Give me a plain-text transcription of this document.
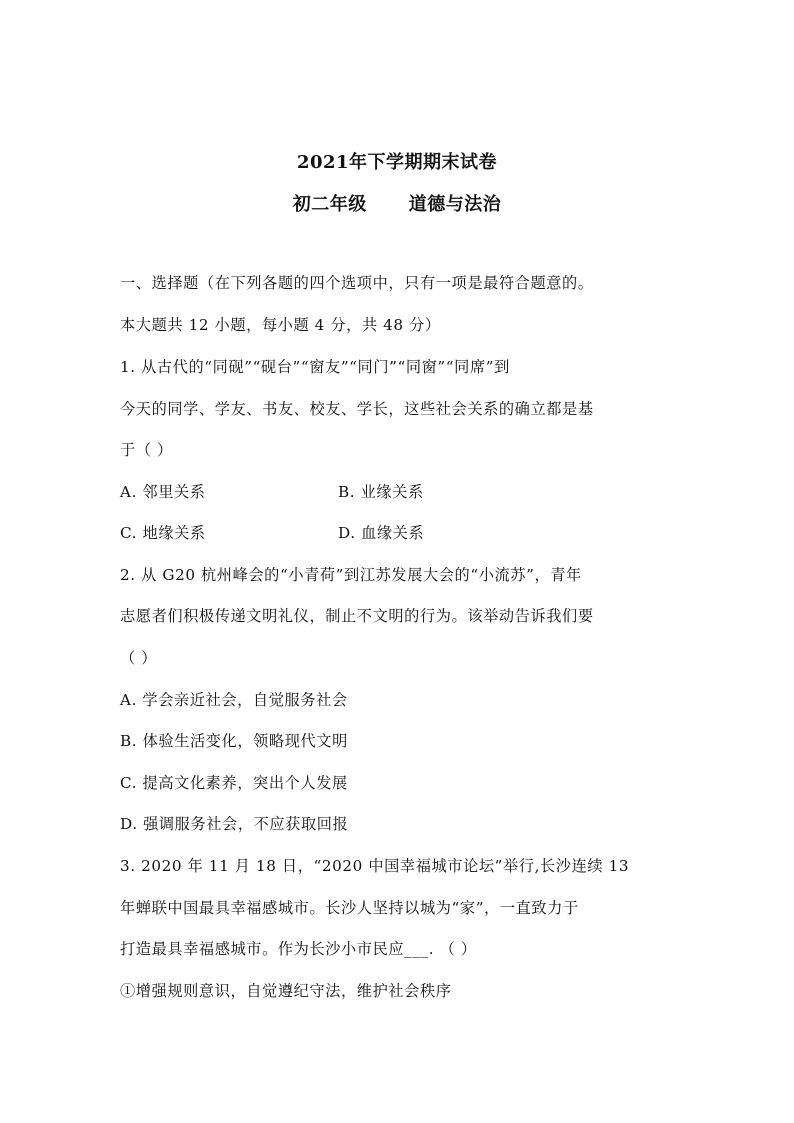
2021年下学期期末试卷
初二年级 道德与法治
一、选择题（在下列各题的四个选项中，只有一项是最符合题意的。
本大题共 12 小题，每小题 4 分，共 48 分）
1. 从古代的“同砚”“砚台”“窗友”“同门”“同窗”“同席”到
今天的同学、学友、书友、校友、学长，这些社会关系的确立都是基
于（ ）
A. 邻里关系	B. 业缘关系
C. 地缘关系	D. 血缘关系
2. 从 G20 杭州峰会的“小青荷”到江苏发展大会的“小流苏”，青年
志愿者们积极传递文明礼仪，制止不文明的行为。该举动告诉我们要
（ ）
A. 学会亲近社会，自觉服务社会
B. 体验生活变化，领略现代文明
C. 提高文化素养，突出个人发展
D. 强调服务社会，不应获取回报
3. 2020 年 11 月 18 日，“2020 中国幸福城市论坛”举行,长沙连续 13
年蝉联中国最具幸福感城市。长沙人坚持以城为“家”，一直致力于
打造最具幸福感城市。作为长沙小市民应___. （ ）
①增强规则意识，自觉遵纪守法，维护社会秩序
